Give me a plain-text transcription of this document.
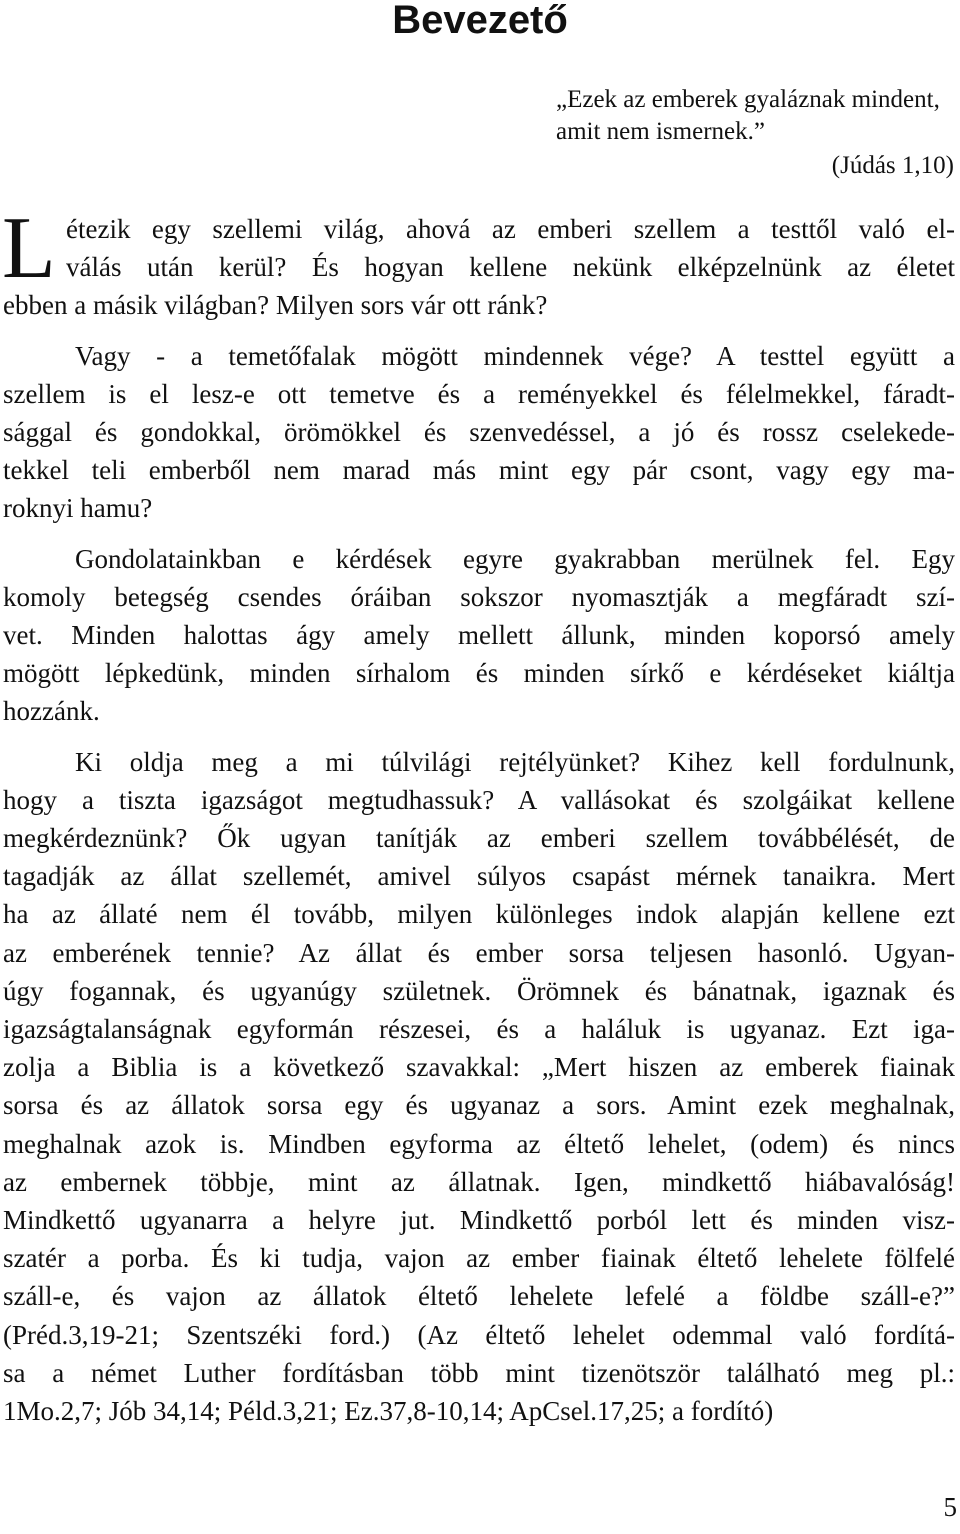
Bevezető
„Ezek az emberek gyaláznak mindent,
amit nem ismernek.”
(Júdás 1,10)
L étezik egy szellemi világ, ahová az emberi szellem a testtől való el-
válás után kerül? És hogyan kellene nekünk elképzelnünk az életet
ebben a másik világban? Milyen sors vár ott ránk?
Vagy - a temetőfalak mögött mindennek vége? A testtel együtt a
szellem is el lesz-e ott temetve és a reményekkel és félelmekkel, fáradt-
sággal és gondokkal, örömökkel és szenvedéssel, a jó és rossz cselekede-
tekkel teli emberből nem marad más mint egy pár csont, vagy egy ma-
roknyi hamu?
Gondolatainkban e kérdések egyre gyakrabban merülnek fel. Egy
komoly betegség csendes óráiban sokszor nyomasztják a megfáradt szí-
vet. Minden halottas ágy amely mellett állunk, minden koporsó amely
mögött lépkedünk, minden sírhalom és minden sírkő e kérdéseket kiáltja
hozzánk.
Ki oldja meg a mi túlvilági rejtélyünket? Kihez kell fordulnunk,
hogy a tiszta igazságot megtudhassuk? A vallásokat és szolgáikat kellene
megkérdeznünk? Ők ugyan tanítják az emberi szellem továbbélését, de
tagadják az állat szellemét, amivel súlyos csapást mérnek tanaikra. Mert
ha az állaté nem él tovább, milyen különleges indok alapján kellene ezt
az emberének tennie? Az állat és ember sorsa teljesen hasonló. Ugyan-
úgy fogannak, és ugyanúgy születnek. Örömnek és bánatnak, igaznak és
igazságtalanságnak egyformán részesei, és a haláluk is ugyanaz. Ezt iga-
zolja a Biblia is a következő szavakkal: „Mert hiszen az emberek fiainak
sorsa és az állatok sorsa egy és ugyanaz a sors. Amint ezek meghalnak,
meghalnak azok is. Mindben egyforma az éltető lehelet, (odem) és nincs
az embernek többje, mint az állatnak. Igen, mindkettő hiábavalóság!
Mindkettő ugyanarra a helyre jut. Mindkettő porból lett és minden visz-
szatér a porba. És ki tudja, vajon az ember fiainak éltető lehelete fölfelé
száll-e, és vajon az állatok éltető lehelete lefelé a földbe száll-e?”
(Préd.3,19-21; Szentszéki ford.) (Az éltető lehelet odemmal való fordítá-
sa a német Luther fordításban több mint tizenötször található meg pl.:
1Mo.2,7; Jób 34,14; Péld.3,21; Ez.37,8-10,14; ApCsel.17,25; a fordító)
5
